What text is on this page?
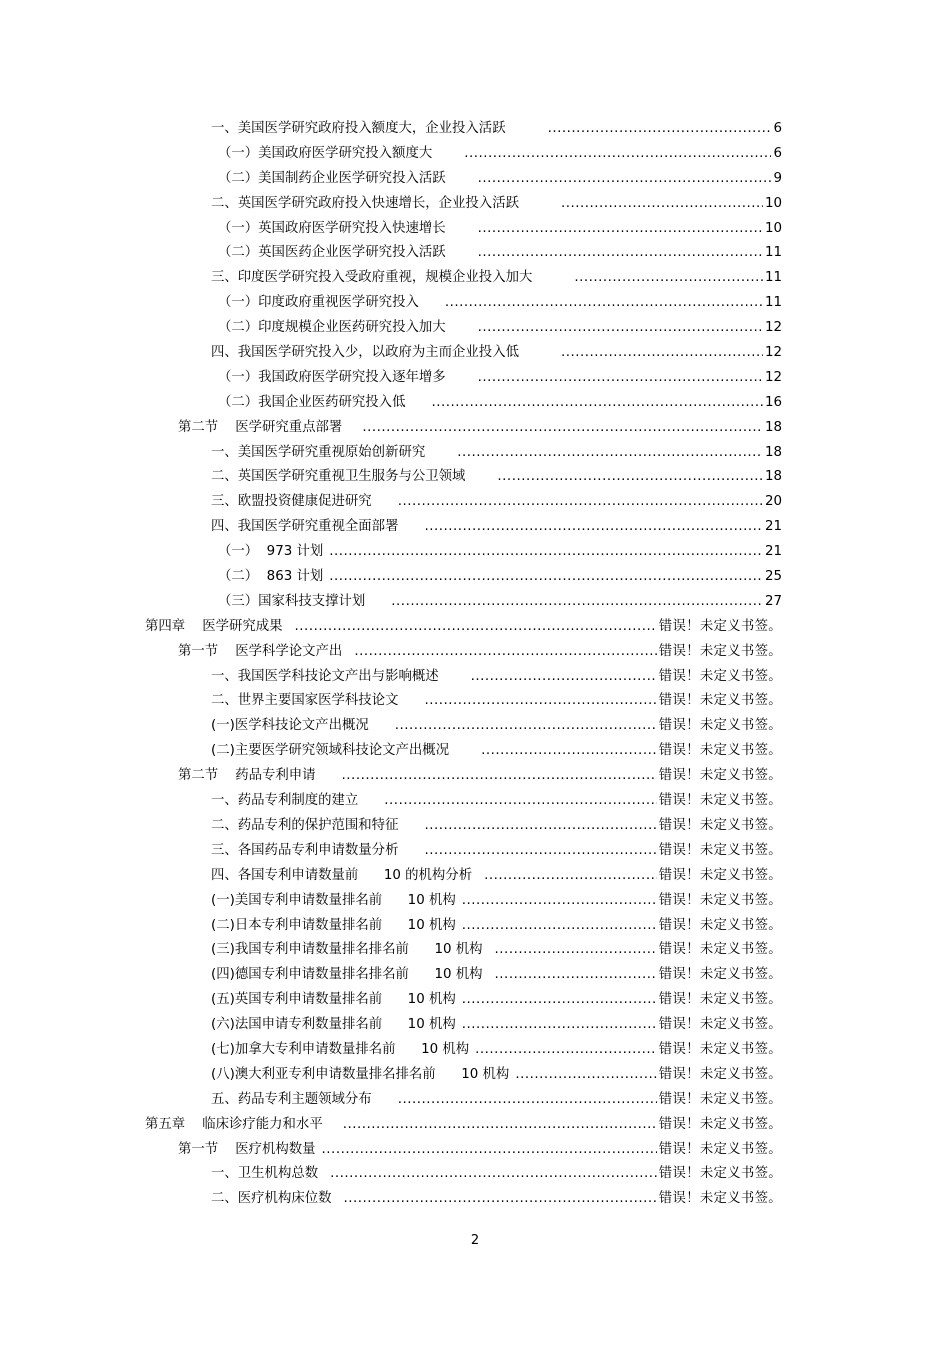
一、美国医学研究政府投入额度大，企业投入活跃 .....	6
（一）美国政府医学研究投入额度大 .....	6
（二）美国制药企业医学研究投入活跃 .....	9
二、英国医学研究政府投入快速增长，企业投入活跃 .....	10
（一）英国政府医学研究投入快速增长 .....	10
（二）英国医药企业医学研究投入活跃 .....	11
三、印度医学研究投入受政府重视，规模企业投入加大 .....	11
（一）印度政府重视医学研究投入 .....	11
（二）印度规模企业医药研究投入加大 .....	12
四、我国医学研究投入少，以政府为主而企业投入低 .....	12
（一）我国政府医学研究投入逐年增多 .....	12
（二）我国企业医药研究投入低 .....	16
第二节    医学研究重点部署 .....	18
一、美国医学研究重视原始创新研究 .....	18
二、英国医学研究重视卫生服务与公卫领域 .....	18
三、欧盟投资健康促进研究 .....	20
四、我国医学研究重视全面部署 .....	21
（一）  973 计划 .....	21
（二）  863 计划 .....	25
（三）国家科技支撑计划 .....	27
第四章    医学研究成果 .....	错误！未定义书签。
第一节    医学科学论文产出 .....	错误！未定义书签。
一、我国医学科技论文产出与影响概述 .....	错误！未定义书签。
二、世界主要国家医学科技论文 .....	错误！未定义书签。
(一)医学科技论文产出概况 .....	错误！未定义书签。
(二)主要医学研究领域科技论文产出概况 .....	错误！未定义书签。
第二节    药品专利申请 .....	错误！未定义书签。
一、药品专利制度的建立 .....	错误！未定义书签。
二、药品专利的保护范围和特征 .....	错误！未定义书签。
三、各国药品专利申请数量分析 .....	错误！未定义书签。
四、各国专利申请数量前      10 的机构分析 .....	错误！未定义书签。
(一)美国专利申请数量排名前      10 机构 .....	错误！未定义书签。
(二)日本专利申请数量排名前      10 机构 .....	错误！未定义书签。
(三)我国专利申请数量排名排名前      10 机构 .....	错误！未定义书签。
(四)德国专利申请数量排名排名前      10 机构 .....	错误！未定义书签。
(五)英国专利申请数量排名前      10 机构 .....	错误！未定义书签。
(六)法国申请专利数量排名前      10 机构 .....	错误！未定义书签。
(七)加拿大专利申请数量排名前      10 机构 .....	错误！未定义书签。
(八)澳大利亚专利申请数量排名排名前      10 机构 .....	错误！未定义书签。
五、药品专利主题领域分布 .....	错误！未定义书签。
第五章    临床诊疗能力和水平 .....	错误！未定义书签。
第一节    医疗机构数量 .....	错误！未定义书签。
一、卫生机构总数 .....	错误！未定义书签。
二、医疗机构床位数 .....	错误！未定义书签。
2
